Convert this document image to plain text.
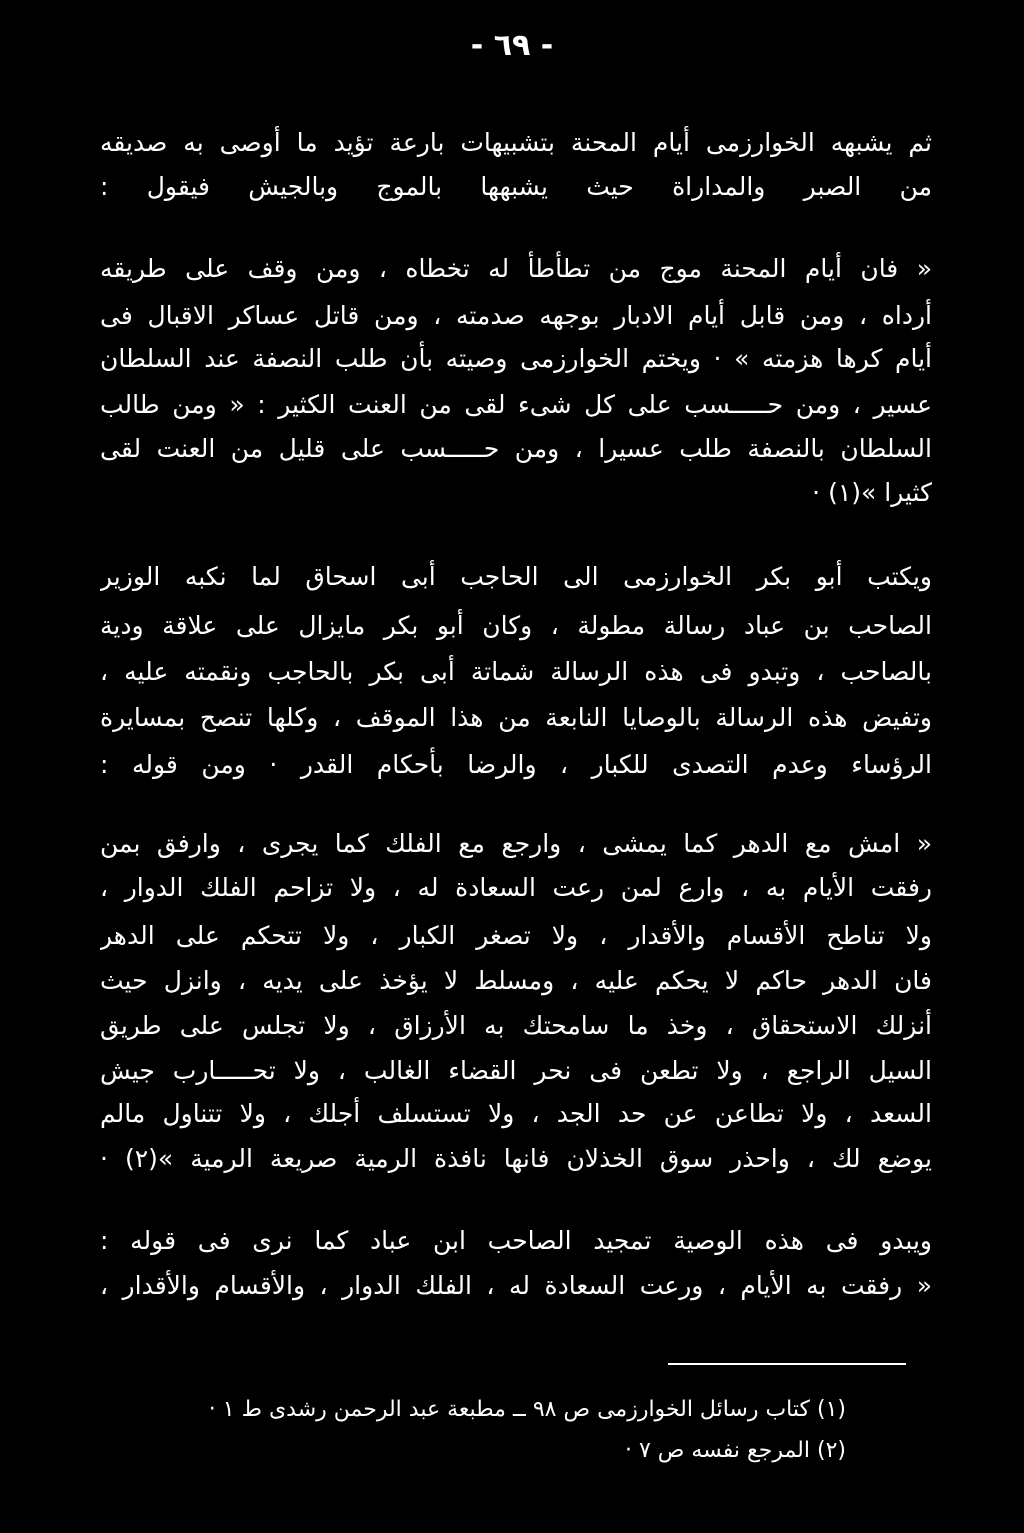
- ٦٩ -
ثم يشبهه الخوارزمى أيام المحنة بتشبيهات بارعة تؤيد ما أوصى به صديقه
من الصبر والمداراة حيث يشبهها بالموج وبالجيش فيقول :
« فان أيام المحنة موج من تطأطأ له تخطاه ، ومن وقف على طريقه
أرداه ، ومن قابل أيام الادبار بوجهه صدمته ، ومن قاتل عساكر الاقبال فى
أيام كرها هزمته » · ويختم الخوارزمى وصيته بأن طلب النصفة عند السلطان
عسير ، ومن حـــــسب على كل شىء لقى من العنت الكثير : « ومن طالب
السلطان بالنصفة طلب عسيرا ، ومن حـــــسب على قليل من العنت لقى
كثيرا »(١) ·
ويكتب أبو بكر الخوارزمى الى الحاجب أبى اسحاق لما نكبه الوزير
الصاحب بن عباد رسالة مطولة ، وكان أبو بكر مايزال على علاقة ودية
بالصاحب ، وتبدو فى هذه الرسالة شماتة أبى بكر بالحاجب ونقمته عليه ،
وتفيض هذه الرسالة بالوصايا النابعة من هذا الموقف ، وكلها تنصح بمسايرة
الرؤساء وعدم التصدى للكبار ، والرضا بأحكام القدر · ومن قوله :
« امش مع الدهر كما يمشى ، وارجع مع الفلك كما يجرى ، وارفق بمن
رفقت الأيام به ، وارع لمن رعت السعادة له ، ولا تزاحم الفلك الدوار ،
ولا تناطح الأقسام والأقدار ، ولا تصغر الكبار ، ولا تتحكم على الدهر
فان الدهر حاكم لا يحكم عليه ، ومسلط لا يؤخذ على يديه ، وانزل حيث
أنزلك الاستحقاق ، وخذ ما سامحتك به الأرزاق ، ولا تجلس على طريق
السيل الراجع ، ولا تطعن فى نحر القضاء الغالب ، ولا تحـــــارب جيش
السعد ، ولا تطاعن عن حد الجد ، ولا تستسلف أجلك ، ولا تتناول مالم
يوضع لك ، واحذر سوق الخذلان فانها نافذة الرمية صريعة الرمية »(٢) ·
ويبدو فى هذه الوصية تمجيد الصاحب ابن عباد كما نرى فى قوله :
« رفقت به الأيام ، ورعت السعادة له ، الفلك الدوار ، والأقسام والأقدار ،
(١) كتاب رسائل الخوارزمى ص ٩٨ ــ مطبعة عبد الرحمن رشدى ط ١ ·
(٢) المرجع نفسه ص ٧ ·
